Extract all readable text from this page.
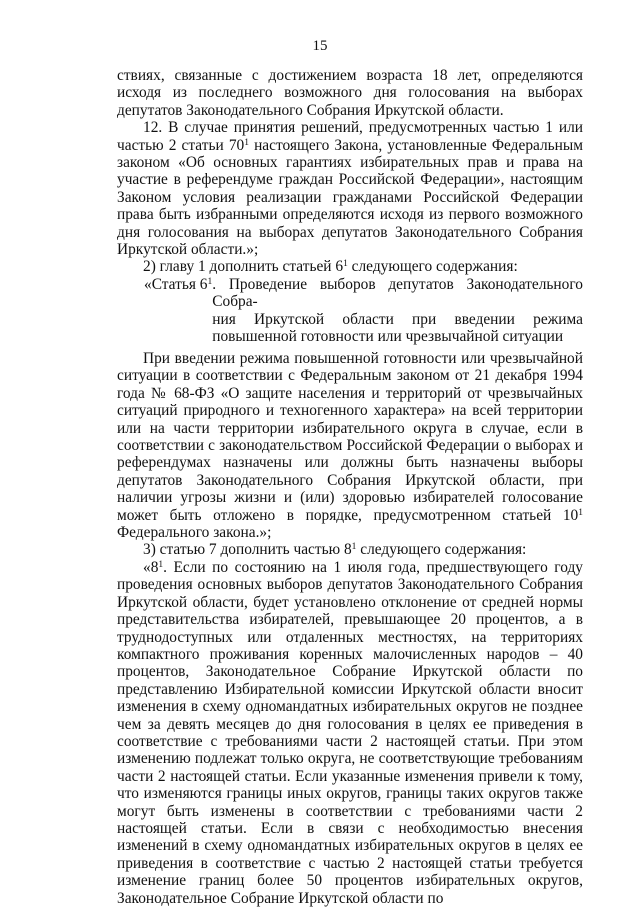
15

ствиях, связанные с достижением возраста 18 лет, определяются исходя из последнего возможного дня голосования на выборах депутатов Законодательного Собрания Иркутской области.

12. В случае принятия решений, предусмотренных частью 1 или частью 2 статьи $70^1$ настоящего Закона, установленные Федеральным законом «Об основных гарантиях избирательных прав и права на участие в референдуме граждан Российской Федерации», настоящим Законом условия реализации гражданами Российской Федерации права быть избранными определяются исходя из первого возможного дня голосования на выборах депутатов Законодательного Собрания Иркутской области.»;

2) главу 1 дополнить статьей $6^1$ следующего содержания:

«Статья $6^1$ . Проведение выборов депутатов Законодательного Собра-
ния Иркутской области при введении режима повышенной готовности или чрезвычайной ситуации

При введении режима повышенной готовности или чрезвычайной ситуации в соответствии с Федеральным законом от 21 декабря 1994 года № 68-ФЗ «О защите населения и территорий от чрезвычайных ситуаций природного и техногенного характера» на всей территории или на части территории избирательного округа в случае, если в соответствии с законодательством Российской Федерации о выборах и референдумах назначены или должны быть назначены выборы депутатов Законодательного Собрания Иркутской области, при наличии угрозы жизни и (или) здоровью избирателей голосование может быть отложено в порядке, предусмотренном статьей $10^1$ Федерального закона.»;

3) статью 7 дополнить частью $8^1$ следующего содержания:

«$8^1$. Если по состоянию на 1 июля года, предшествующего году проведения основных выборов депутатов Законодательного Собрания Иркутской области, будет установлено отклонение от средней нормы представительства избирателей, превышающее 20 процентов, а в труднодоступных или отдаленных местностях, на территориях компактного проживания коренных малочисленных народов – 40 процентов, Законодательное Собрание Иркутской области по представлению Избирательной комиссии Иркутской области вносит изменения в схему одномандатных избирательных округов не позднее чем за девять месяцев до дня голосования в целях ее приведения в соответствие с требованиями части 2 настоящей статьи. При этом изменению подлежат только округа, не соответствующие требованиям части 2 настоящей статьи. Если указанные изменения привели к тому, что изменяются границы иных округов, границы таких округов также могут быть изменены в соответствии с требованиями части 2 настоящей статьи. Если в связи с необходимостью внесения изменений в схему одномандатных избирательных округов в целях ее приведения в соответствие с частью 2 настоящей статьи требуется изменение границ более 50 процентов избирательных округов, Законодательное Собрание Иркутской области по
